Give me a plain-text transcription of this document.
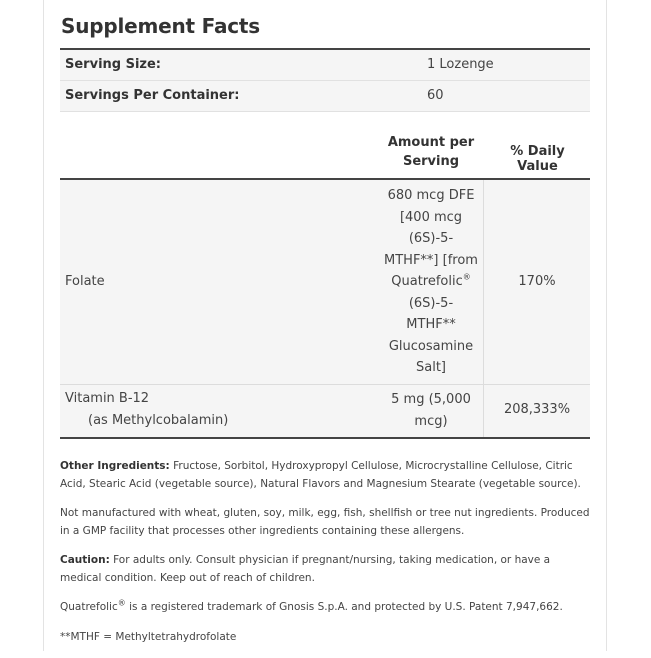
Supplement Facts
Serving Size:	1 Lozenge
Servings Per Container:	60
Amount per
Serving
% Daily Value
Folate
680 mcg DFE
[400 mcg
(6S)-5-
MTHF**] [from
Quatrefolic®
(6S)-5-
MTHF**
Glucosamine
Salt]
170%
Vitamin B-12
(as Methylcobalamin)
5 mg (5,000
mcg)
208,333%

Other Ingredients: Fructose, Sorbitol, Hydroxypropyl Cellulose, Microcrystalline Cellulose, Citric Acid, Stearic Acid (vegetable source), Natural Flavors and Magnesium Stearate (vegetable source).

Not manufactured with wheat, gluten, soy, milk, egg, fish, shellfish or tree nut ingredients. Produced in a GMP facility that processes other ingredients containing these allergens.

Caution: For adults only. Consult physician if pregnant/nursing, taking medication, or have a medical condition. Keep out of reach of children.

Quatrefolic® is a registered trademark of Gnosis S.p.A. and protected by U.S. Patent 7,947,662.

**MTHF = Methyltetrahydrofolate
